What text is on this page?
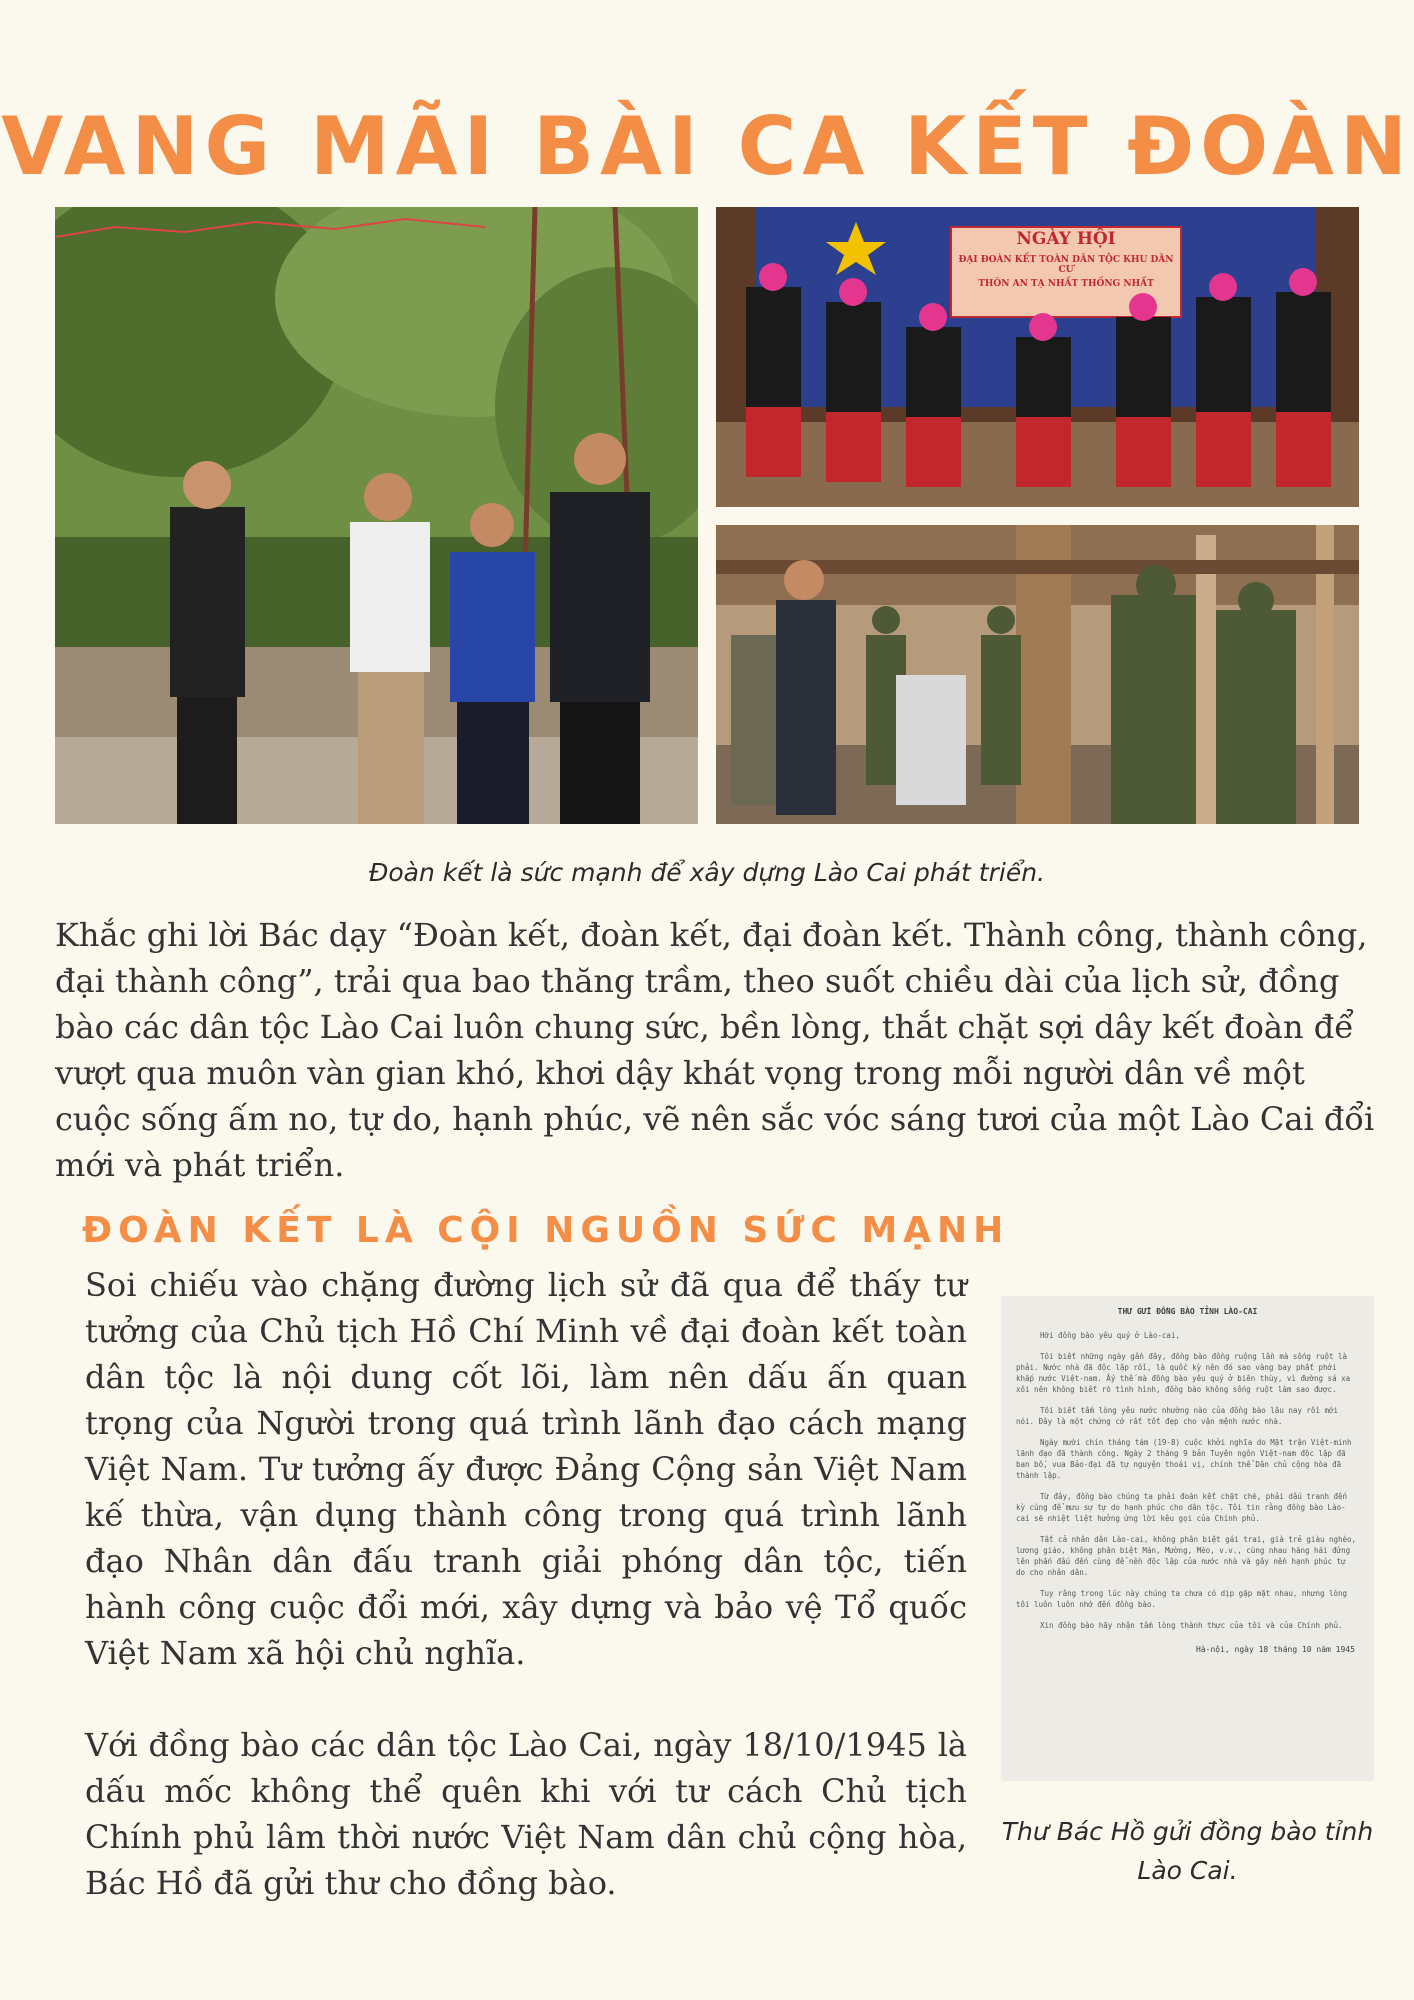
VANG MÃI BÀI CA KẾT ĐOÀN
NGÀY HỘI
ĐẠI ĐOÀN KẾT TOÀN DÂN TỘC KHU DÂN CƯ
THÔN AN TẠ NHẤT THỐNG NHẤT
Đoàn kết là sức mạnh để xây dựng Lào Cai phát triển.
Khắc ghi lời Bác dạy “Đoàn kết, đoàn kết, đại đoàn kết. Thành công, thành công, đại thành công”, trải qua bao thăng trầm, theo suốt chiều dài của lịch sử, đồng bào các dân tộc Lào Cai luôn chung sức, bền lòng, thắt chặt sợi dây kết đoàn để vượt qua muôn vàn gian khó, khơi dậy khát vọng trong mỗi người dân về một cuộc sống ấm no, tự do, hạnh phúc, vẽ nên sắc vóc sáng tươi của một Lào Cai đổi mới và phát triển.
ĐOÀN KẾT LÀ CỘI NGUỒN SỨC MẠNH

Soi chiếu vào chặng đường lịch sử đã qua để thấy tư tưởng của Chủ tịch Hồ Chí Minh về đại đoàn kết toàn dân tộc là nội dung cốt lõi, làm nên dấu ấn quan trọng của Người trong quá trình lãnh đạo cách mạng Việt Nam. Tư tưởng ấy được Đảng Cộng sản Việt Nam kế thừa, vận dụng thành công trong quá trình lãnh đạo Nhân dân đấu tranh giải phóng dân tộc, tiến hành công cuộc đổi mới, xây dựng và bảo vệ Tổ quốc Việt Nam xã hội chủ nghĩa.

Với đồng bào các dân tộc Lào Cai, ngày 18/10/1945 là dấu mốc không thể quên khi với tư cách Chủ tịch Chính phủ lâm thời nước Việt Nam dân chủ cộng hòa, Bác Hồ đã gửi thư cho đồng bào.

THƯ GỬI ĐỒNG BÀO TỈNH LÀO-CAI
Hỡi đồng bào yêu quý ở Lào-cai,
Tôi biết những ngày gần đây, đồng bào đồng ruộng lần mà sống ruột là phải. Nước nhà đã độc lập rồi, là quốc kỳ nên đó sao vàng bay phất phới khắp nước Việt-nam. Ấy thế mà đồng bào yêu quý ở biên thùy, vì đường sá xa xôi nên không biết rõ tình hình, đồng bào không sống ruột làm sao được.
Tôi biết tấm lòng yêu nước nhường nào của đồng bào lâu nay rồi mới nói. Đây là một chứng cớ rất tốt đẹp cho vận mệnh nước nhà.
Ngày mười chín tháng tám (19-8) cuộc khởi nghĩa do Mặt trận Việt-minh lãnh đạo đã thành công. Ngày 2 tháng 9 bản Tuyên ngôn Việt-nam độc lập đã ban bố, vua Bảo-đại đã tự nguyện thoái vị, chính thể Dân chủ cộng hòa đã thành lập.
Từ đây, đồng bào chúng ta phải đoàn kết chặt chẽ, phải dấu tranh đến kỳ cùng để mưu sự tự do hạnh phúc cho dân tộc. Tôi tin rằng đồng bào Lào-cai sẽ nhiệt liệt hưởng ứng lời kêu gọi của Chính phủ.
Tất cả nhân dân Lào-cai, không phân biệt gái trai, già trẻ giàu nghèo, lương giáo, không phân biệt Mán, Mường, Mèo, v.v., cùng nhau hăng hái đứng lên phấn đấu đến cùng để nền độc lập của nước nhà và gây nền hạnh phúc tự do cho nhân dân.
Tuy rằng trong lúc này chúng ta chưa có dịp gặp mặt nhau, nhưng lòng tôi luôn luôn nhớ đến đồng bào.
Xin đồng bào hãy nhận tấm lòng thành thực của tôi và của Chính phủ.
Hà-nội, ngày 18 tháng 10 năm 1945
Thư Bác Hồ gửi đồng bào tỉnh Lào Cai.
